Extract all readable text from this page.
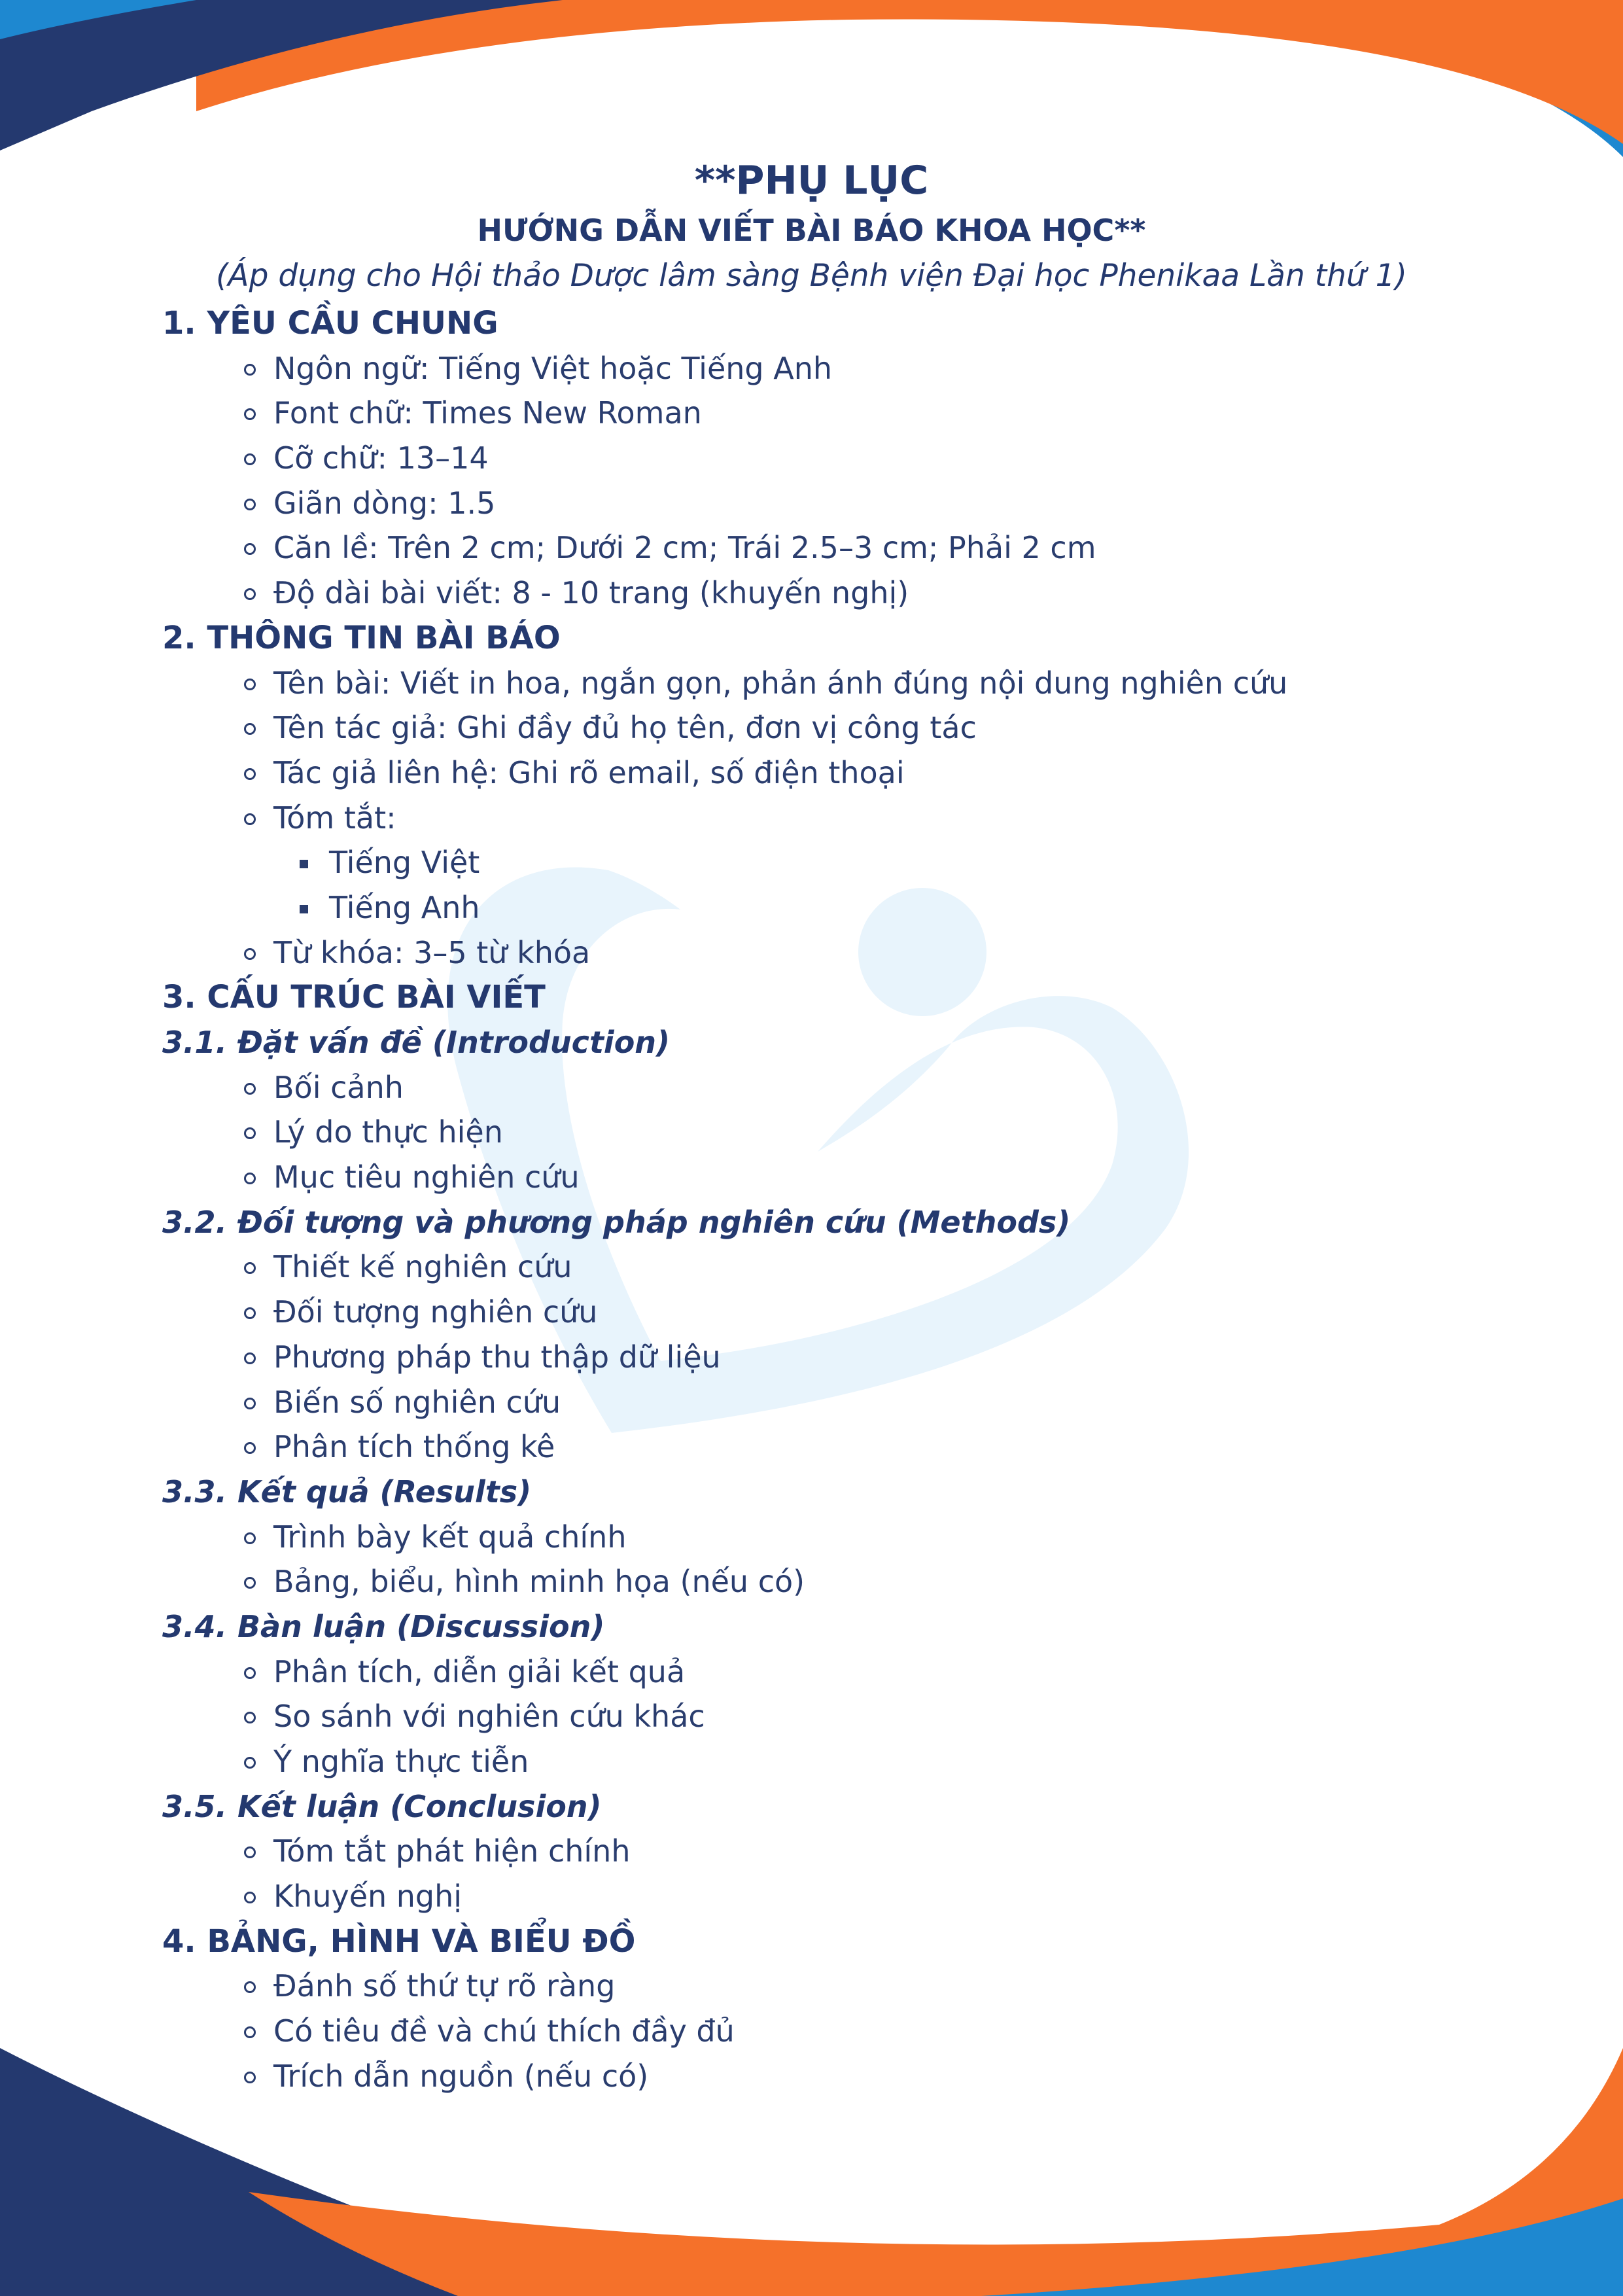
**PHỤ LỤC
HƯỚNG DẪN VIẾT BÀI BÁO KHOA HỌC**

(Áp dụng cho Hội thảo Dược lâm sàng Bệnh viện Đại học Phenikaa Lần thứ 1)

1. YÊU CẦU CHUNG
Ngôn ngữ: Tiếng Việt hoặc Tiếng Anh
Font chữ: Times New Roman
Cỡ chữ: 13–14
Giãn dòng: 1.5
Căn lề: Trên 2 cm; Dưới 2 cm; Trái 2.5–3 cm; Phải 2 cm
Độ dài bài viết: 8 - 10 trang (khuyến nghị)
2. THÔNG TIN BÀI BÁO
Tên bài: Viết in hoa, ngắn gọn, phản ánh đúng nội dung nghiên cứu
Tên tác giả: Ghi đầy đủ họ tên, đơn vị công tác
Tác giả liên hệ: Ghi rõ email, số điện thoại
Tóm tắt:
Tiếng Việt
Tiếng Anh
Từ khóa: 3–5 từ khóa
3. CẤU TRÚC BÀI VIẾT
3.1. Đặt vấn đề (Introduction)
Bối cảnh
Lý do thực hiện
Mục tiêu nghiên cứu
3.2. Đối tượng và phương pháp nghiên cứu (Methods)
Thiết kế nghiên cứu
Đối tượng nghiên cứu
Phương pháp thu thập dữ liệu
Biến số nghiên cứu
Phân tích thống kê
3.3. Kết quả (Results)
Trình bày kết quả chính
Bảng, biểu, hình minh họa (nếu có)
3.4. Bàn luận (Discussion)
Phân tích, diễn giải kết quả
So sánh với nghiên cứu khác
Ý nghĩa thực tiễn
3.5. Kết luận (Conclusion)
Tóm tắt phát hiện chính
Khuyến nghị
4. BẢNG, HÌNH VÀ BIỂU ĐỒ
Đánh số thứ tự rõ ràng
Có tiêu đề và chú thích đầy đủ
Trích dẫn nguồn (nếu có)
